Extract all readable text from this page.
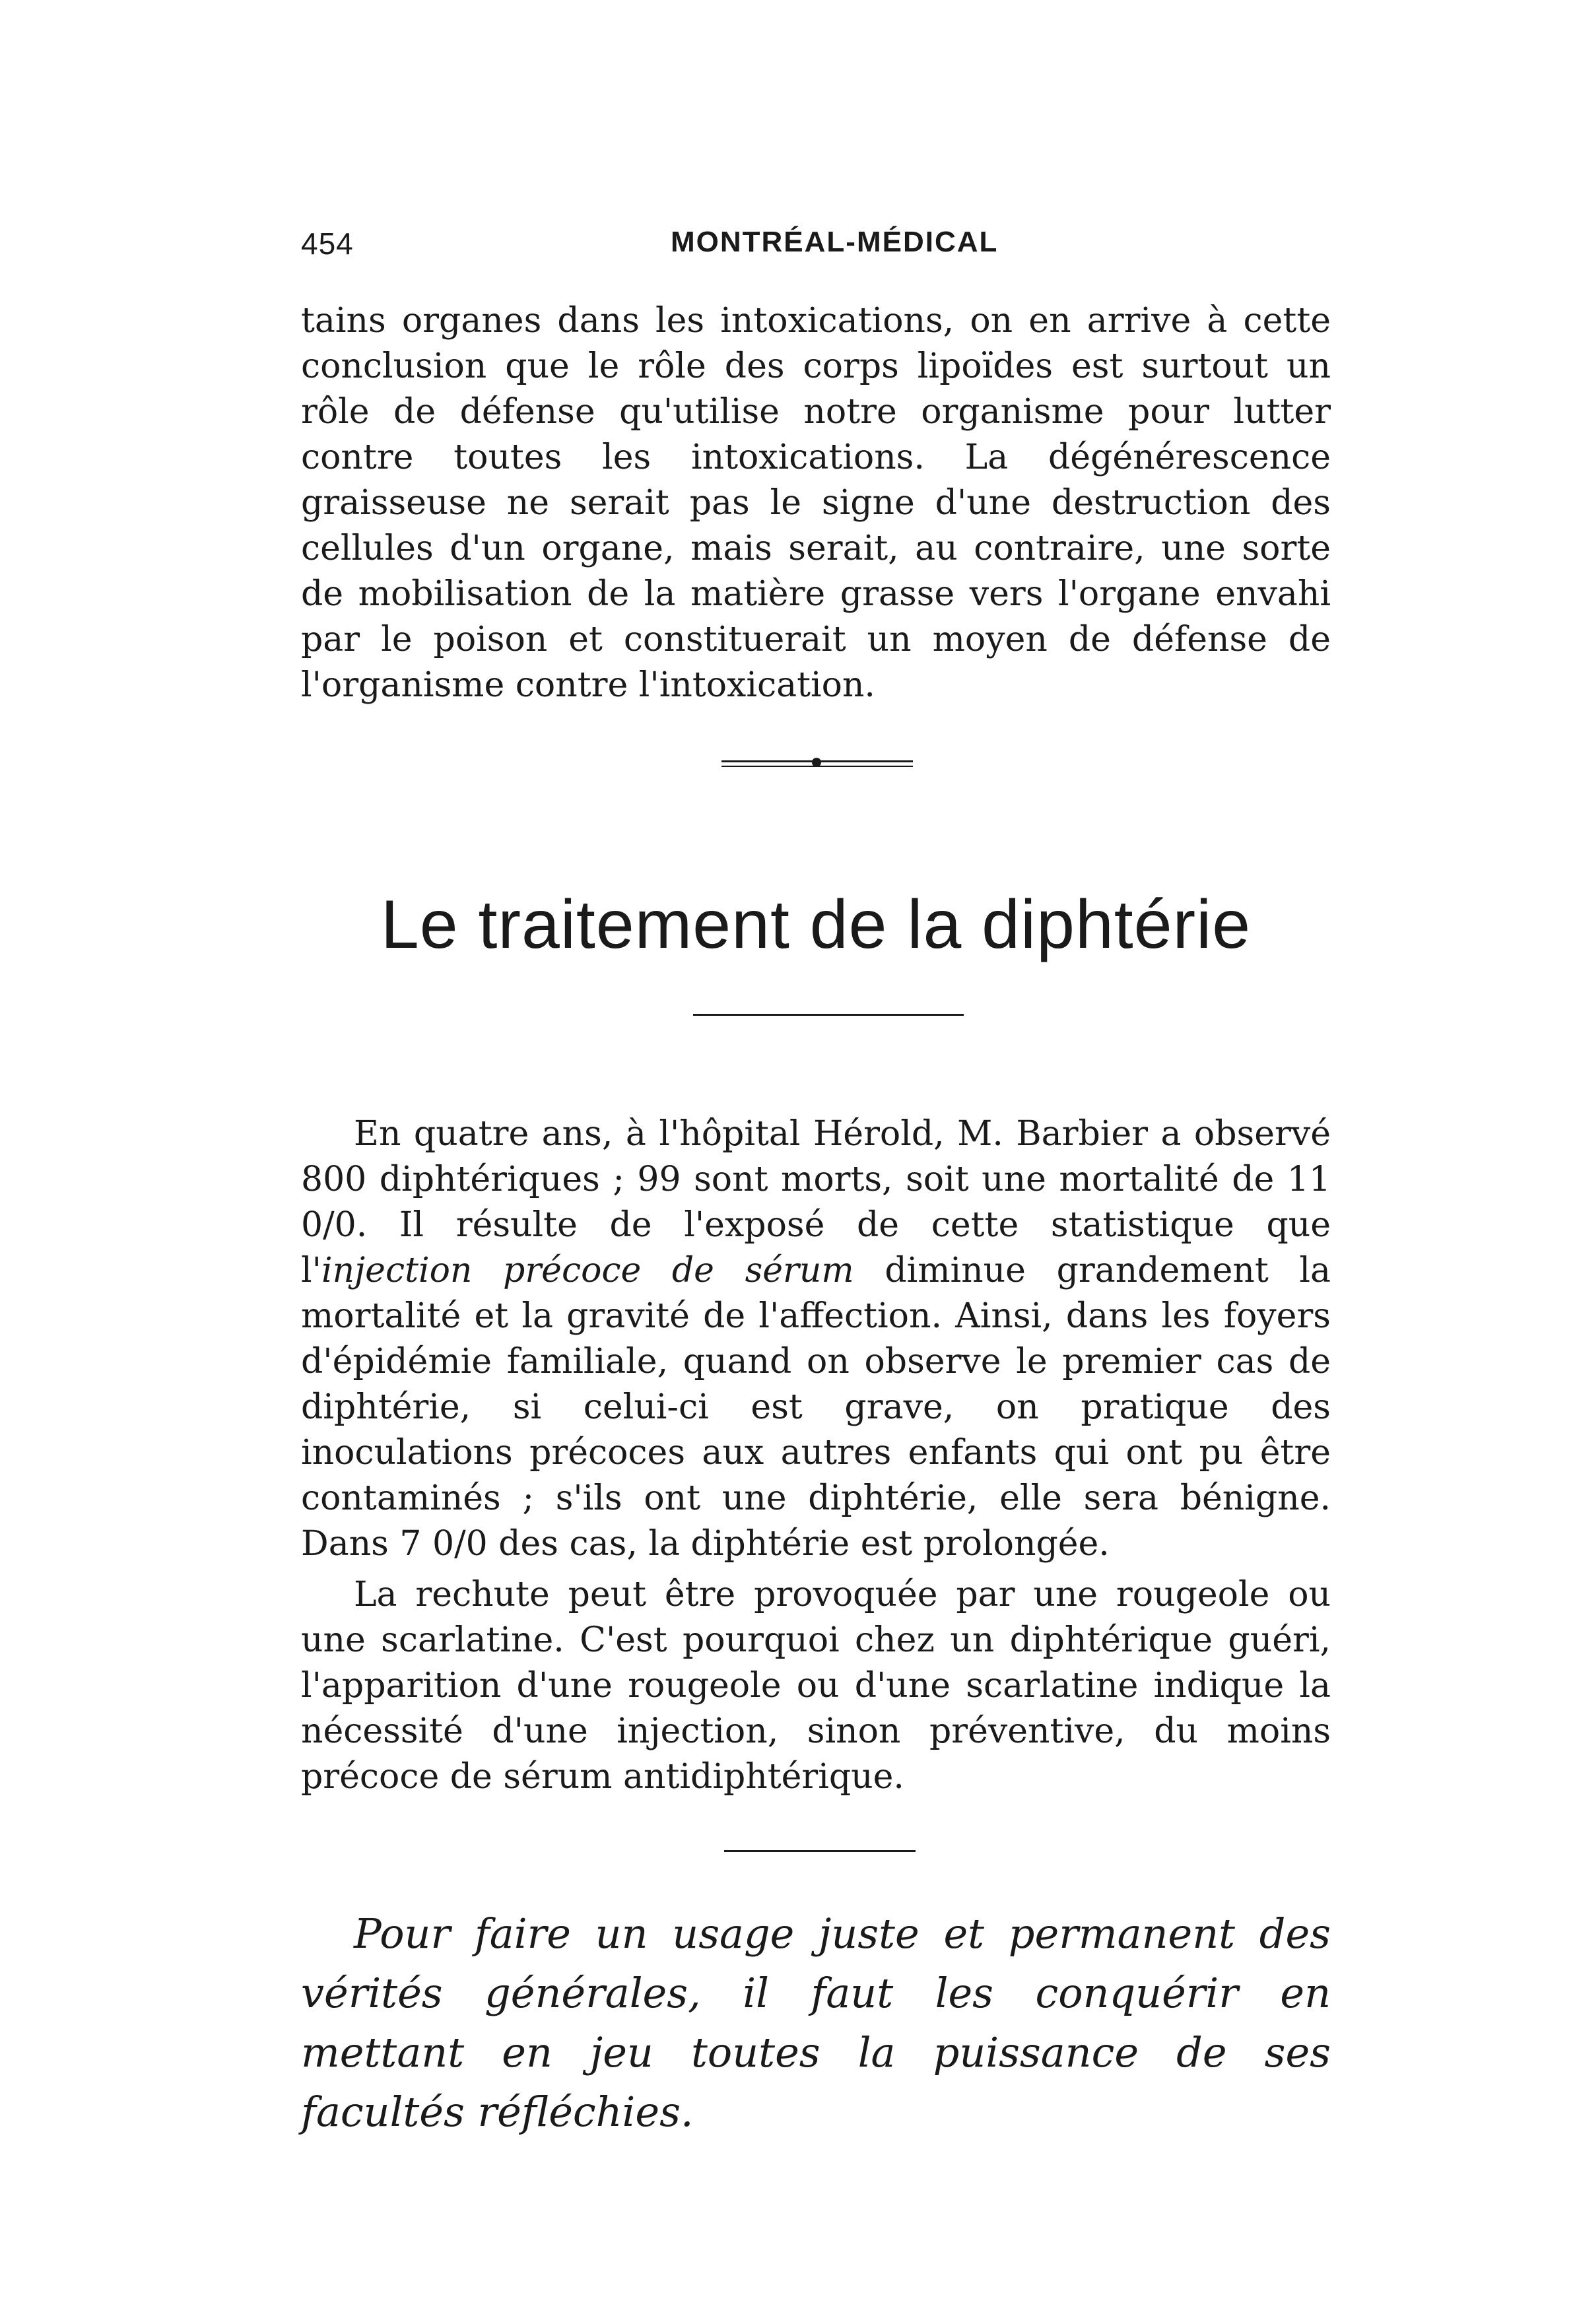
454	MONTRÉAL-MÉDICAL

tains organes dans les intoxications, on en arrive à cette conclusion que le rôle des corps lipoïdes est surtout un rôle de défense qu'utilise notre organisme pour lutter contre toutes les intoxications. La dégénérescence graisseuse ne serait pas le signe d'une destruction des cellules d'un organe, mais serait, au contraire, une sorte de mobilisation de la matière grasse vers l'organe envahi par le poison et constituerait un moyen de défense de l'organisme contre l'intoxication.

Le traitement de la diphtérie

En quatre ans, à l'hôpital Hérold, M. Barbier a observé 800 diphtériques ; 99 sont morts, soit une mortalité de 11 0/0. Il résulte de l'exposé de cette statistique que l'injection précoce de sérum diminue grandement la mortalité et la gravité de l'affection. Ainsi, dans les foyers d'épidémie familiale, quand on observe le premier cas de diphtérie, si celui-ci est grave, on pratique des inoculations précoces aux autres enfants qui ont pu être contaminés ; s'ils ont une diphtérie, elle sera bénigne. Dans 7 0/0 des cas, la diphtérie est prolongée.

La rechute peut être provoquée par une rougeole ou une scarlatine. C'est pourquoi chez un diphtérique guéri, l'apparition d'une rougeole ou d'une scarlatine indique la nécessité d'une injection, sinon préventive, du moins précoce de sérum antidiphtérique.

Pour faire un usage juste et permanent des vérités générales, il faut les conquérir en mettant en jeu toutes la puissance de ses facultés réfléchies.
